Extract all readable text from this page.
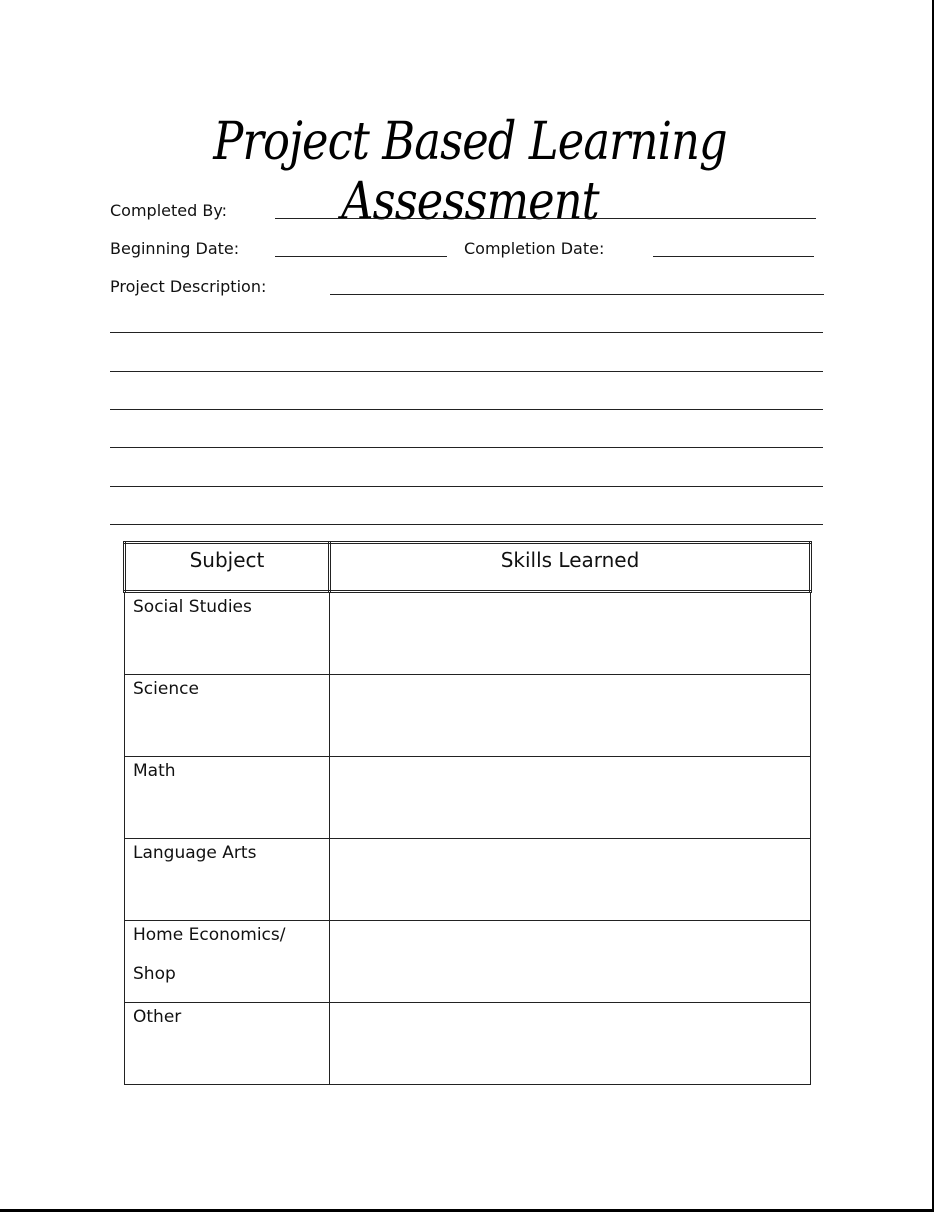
Project Based Learning Assessment
Completed By:
Beginning Date:	Completion Date:
Project Description:
Subject	Skills Learned
Social Studies	
Science	
Math	
Language Arts	

Home Economics/
Shop	

Other	
